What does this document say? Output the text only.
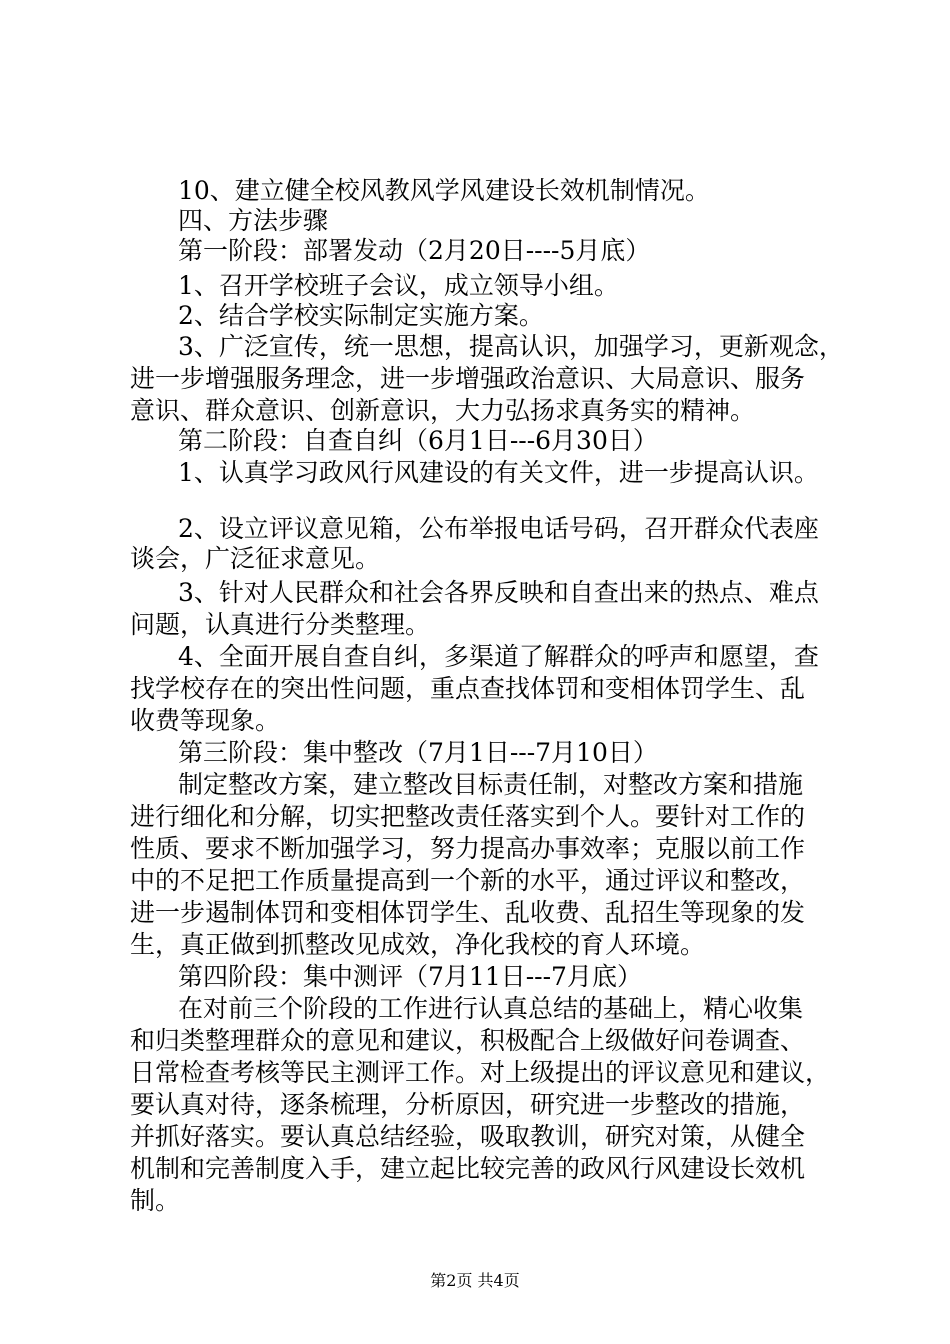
10、建立健全校风教风学风建设长效机制情况。
四、方法步骤
第一阶段：部署发动（2月20日----5月底）
1、召开学校班子会议，成立领导小组。
2、结合学校实际制定实施方案。
3、广泛宣传，统一思想，提高认识，加强学习，更新观念，
进一步增强服务理念，进一步增强政治意识、大局意识、服务
意识、群众意识、创新意识，大力弘扬求真务实的精神。
第二阶段：自查自纠（6月1日---6月30日）
1、认真学习政风行风建设的有关文件，进一步提高认识。
2、设立评议意见箱，公布举报电话号码，召开群众代表座
谈会，广泛征求意见。
3、针对人民群众和社会各界反映和自查出来的热点、难点
问题，认真进行分类整理。
4、全面开展自查自纠，多渠道了解群众的呼声和愿望，查
找学校存在的突出性问题，重点查找体罚和变相体罚学生、乱
收费等现象。
第三阶段：集中整改（7月1日---7月10日）
制定整改方案，建立整改目标责任制，对整改方案和措施
进行细化和分解，切实把整改责任落实到个人。要针对工作的
性质、要求不断加强学习，努力提高办事效率；克服以前工作
中的不足把工作质量提高到一个新的水平，通过评议和整改，
进一步遏制体罚和变相体罚学生、乱收费、乱招生等现象的发
生，真正做到抓整改见成效，净化我校的育人环境。
第四阶段：集中测评（7月11日---7月底）
在对前三个阶段的工作进行认真总结的基础上，精心收集
和归类整理群众的意见和建议，积极配合上级做好问卷调查、
日常检查考核等民主测评工作。对上级提出的评议意见和建议，
要认真对待，逐条梳理，分析原因，研究进一步整改的措施，
并抓好落实。要认真总结经验，吸取教训，研究对策，从健全
机制和完善制度入手，建立起比较完善的政风行风建设长效机
制。
第2页 共4页
